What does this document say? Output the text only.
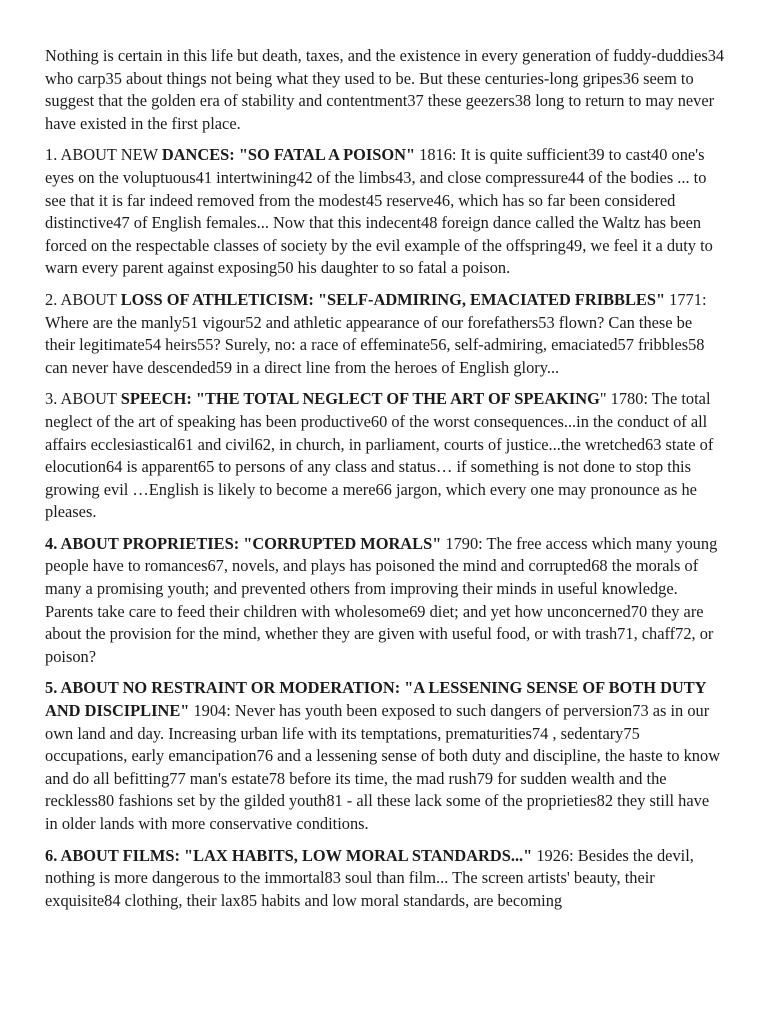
Nothing is certain in this life but death, taxes, and the existence in every generation of fuddy-duddies34 who carp35 about things not being what they used to be. But these centuries-long gripes36 seem to suggest that the golden era of stability and contentment37 these geezers38 long to return to may never have existed in the first place.

1. ABOUT NEW DANCES: "SO FATAL A POISON" 1816: It is quite sufficient39 to cast40 one's eyes on the voluptuous41 intertwining42 of the limbs43, and close compressure44 of the bodies ... to see that it is far indeed removed from the modest45 reserve46, which has so far been considered distinctive47 of English females... Now that this indecent48 foreign dance called the Waltz has been forced on the respectable classes of society by the evil example of the offspring49, we feel it a duty to warn every parent against exposing50 his daughter to so fatal a poison.

2. ABOUT LOSS OF ATHLETICISM: "SELF-ADMIRING, EMACIATED FRIBBLES" 1771: Where are the manly51 vigour52 and athletic appearance of our forefathers53 flown? Can these be their legitimate54 heirs55? Surely, no: a race of effeminate56, self-admiring, emaciated57 fribbles58 can never have descended59 in a direct line from the heroes of English glory...

3. ABOUT SPEECH: "THE TOTAL NEGLECT OF THE ART OF SPEAKING" 1780: The total neglect of the art of speaking has been productive60 of the worst consequences...in the conduct of all affairs ecclesiastical61 and civil62, in church, in parliament, courts of justice...the wretched63 state of elocution64 is apparent65 to persons of any class and status… if something is not done to stop this growing evil …English is likely to become a mere66 jargon, which every one may pronounce as he pleases.

4. ABOUT PROPRIETIES: "CORRUPTED MORALS" 1790: The free access which many young people have to romances67, novels, and plays has poisoned the mind and corrupted68 the morals of many a promising youth; and prevented others from improving their minds in useful knowledge. Parents take care to feed their children with wholesome69 diet; and yet how unconcerned70 they are about the provision for the mind, whether they are given with useful food, or with trash71, chaff72, or poison?

5. ABOUT NO RESTRAINT OR MODERATION: "A LESSENING SENSE OF BOTH DUTY AND DISCIPLINE" 1904: Never has youth been exposed to such dangers of perversion73 as in our own land and day. Increasing urban life with its temptations, prematurities74 , sedentary75 occupations, early emancipation76 and a lessening sense of both duty and discipline, the haste to know and do all befitting77 man's estate78 before its time, the mad rush79 for sudden wealth and the reckless80 fashions set by the gilded youth81 - all these lack some of the proprieties82 they still have in older lands with more conservative conditions.

6. ABOUT FILMS: "LAX HABITS, LOW MORAL STANDARDS..." 1926: Besides the devil, nothing is more dangerous to the immortal83 soul than film... The screen artists' beauty, their exquisite84 clothing, their lax85 habits and low moral standards, are becoming
